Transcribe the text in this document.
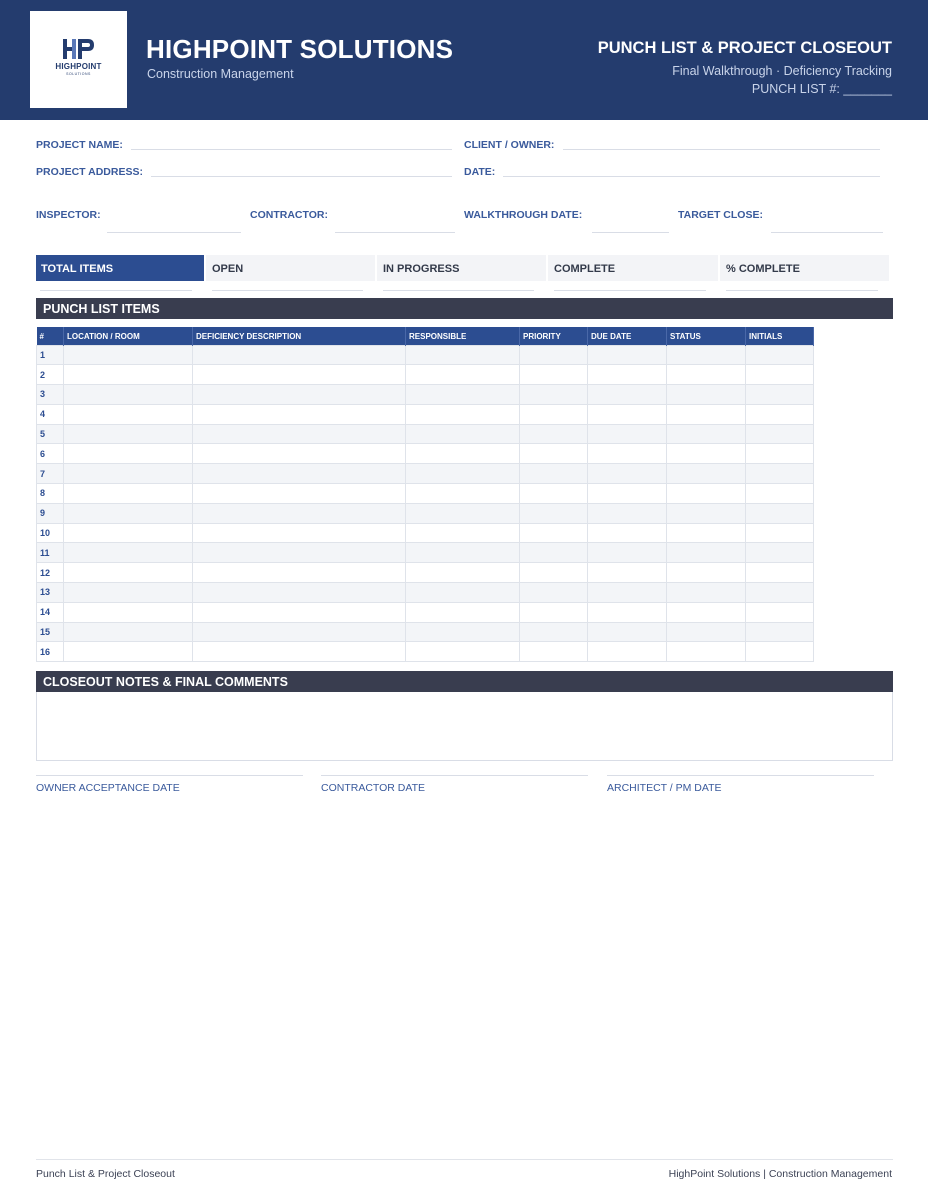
HIGHPOINT
SOLUTIONS
HIGHPOINT SOLUTIONS
Construction Management
PUNCH LIST & PROJECT CLOSEOUT
Final Walkthrough · Deficiency Tracking
PUNCH LIST #: _______
PROJECT NAME:	CLIENT / OWNER:
PROJECT ADDRESS:	DATE:
INSPECTOR:	CONTRACTOR:	WALKTHROUGH DATE:	TARGET CLOSE:
TOTAL ITEMS	OPEN	IN PROGRESS	COMPLETE	% COMPLETE
PUNCH LIST ITEMS
#	LOCATION / ROOM	DEFICIENCY DESCRIPTION	RESPONSIBLE	PRIORITY	DUE DATE	STATUS	INITIALS
1							
2							
3							
4							
5							
6							
7							
8							
9							
10							
11							
12							
13							
14							
15							
16							
CLOSEOUT NOTES & FINAL COMMENTS
OWNER ACCEPTANCE DATE	CONTRACTOR DATE	ARCHITECT / PM DATE
Punch List & Project Closeout	HighPoint Solutions | Construction Management
